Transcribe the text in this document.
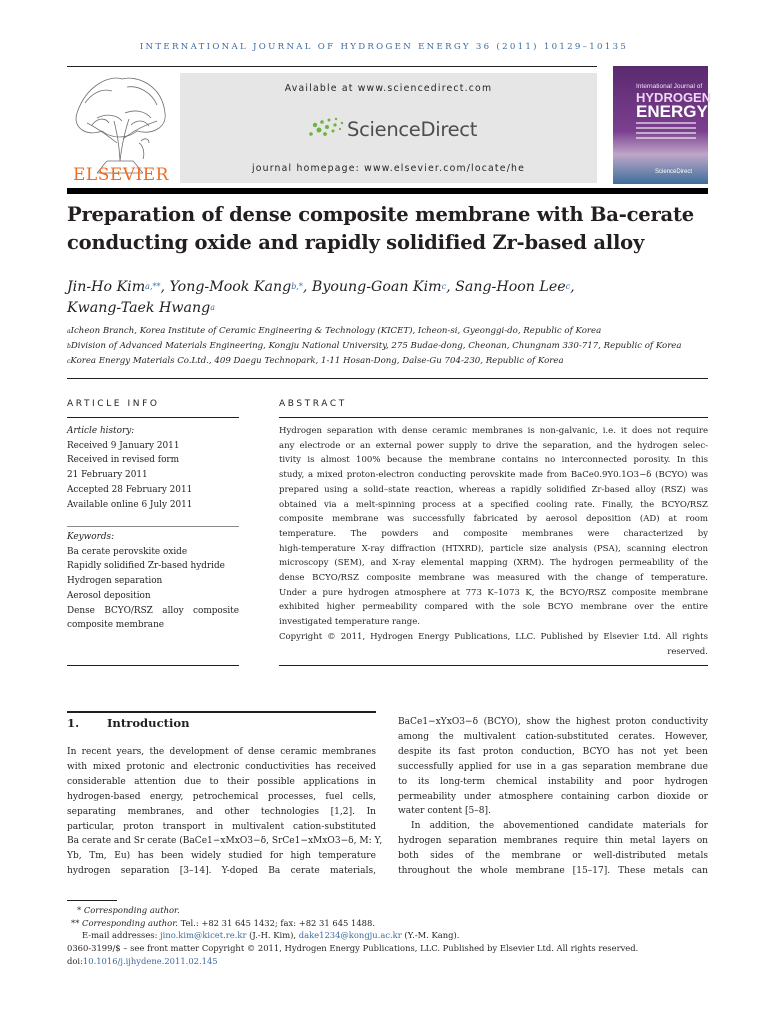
INTERNATIONAL JOURNAL OF HYDROGEN ENERGY 36 (2011) 10129–10135
ELSEVIER
Available at www.sciencedirect.com
ScienceDirect
journal homepage: www.elsevier.com/locate/he
International Journal of
HYDROGEN
ENERGY
ScienceDirect
Preparation of dense composite membrane with Ba-cerate
conducting oxide and rapidly solidified Zr-based alloy
Jin-Ho Kim$^{a,**}$, Yong-Mook Kang$^{b,*}$, Byoung-Goan Kim$^c$, Sang-Hoon Lee$^c$,
Kwang-Taek Hwang$^a$
$^a$Icheon Branch, Korea Institute of Ceramic Engineering & Technology (KICET), Icheon-si, Gyeonggi-do, Republic of Korea
$^b$Division of Advanced Materials Engineering, Kongju National University, 275 Budae-dong, Cheonan, Chungnam 330-717, Republic of Korea
$^c$Korea Energy Materials Co.Ltd., 409 Daegu Technopark, 1-11 Hosan-Dong, Dalse-Gu 704-230, Republic of Korea
ARTICLE INFO
Article history:
Received 9 January 2011
Received in revised form
21 February 2011
Accepted 28 February 2011
Available online 6 July 2011
Keywords:
Ba cerate perovskite oxide
Rapidly solidified Zr-based hydride
Hydrogen separation
Aerosol deposition
Dense BCYO/RSZ alloy composite
composite membrane
ABSTRACT
Hydrogen separation with dense ceramic membranes is non-galvanic, i.e. it does not require
any electrode or an external power supply to drive the separation, and the hydrogen selec-
tivity is almost 100% because the membrane contains no interconnected porosity. In this
study, a mixed proton-electron conducting perovskite made from BaCe0.9Y0.1O3−δ (BCYO) was
prepared using a solid–state reaction, whereas a rapidly solidified Zr-based alloy (RSZ) was
obtained via a melt-spinning process at a specified cooling rate. Finally, the BCYO/RSZ
composite membrane was successfully fabricated by aerosol deposition (AD) at room
temperature. The powders and composite membranes were characterized by
high-temperature X-ray diffraction (HTXRD), particle size analysis (PSA), scanning electron
microscopy (SEM), and X-ray elemental mapping (XRM). The hydrogen permeability of the
dense BCYO/RSZ composite membrane was measured with the change of temperature.
Under a pure hydrogen atmosphere at 773 K–1073 K, the BCYO/RSZ composite membrane
exhibited higher permeability compared with the sole BCYO membrane over the entire
investigated temperature range.
Copyright © 2011, Hydrogen Energy Publications, LLC. Published by Elsevier Ltd. All rights
reserved.
1. Introduction
In recent years, the development of dense ceramic membranes
with mixed protonic and electronic conductivities has received
considerable attention due to their possible applications in
hydrogen-based energy, petrochemical processes, fuel cells,
separating membranes, and other technologies [1,2]. In
particular, proton transport in multivalent cation-substituted
Ba cerate and Sr cerate (BaCe1−xMxO3−δ, SrCe1−xMxO3−δ, M: Y,
Yb, Tm, Eu) has been widely studied for high temperature
hydrogen separation [3–14]. Y-doped Ba cerate materials,
BaCe1−xYxO3−δ (BCYO), show the highest proton conductivity
among the multivalent cation-substituted cerates. However,
despite its fast proton conduction, BCYO has not yet been
successfully applied for use in a gas separation membrane due
to its long-term chemical instability and poor hydrogen
permeability under atmosphere containing carbon dioxide or
water content [5–8].
In addition, the abovementioned candidate materials for
hydrogen separation membranes require thin metal layers on
both sides of the membrane or well-distributed metals
throughout the whole membrane [15–17]. These metals can
* Corresponding author.
** Corresponding author. Tel.: +82 31 645 1432; fax: +82 31 645 1488.
E-mail addresses: jino.kim@kicet.re.kr (J.-H. Kim), dake1234@kongju.ac.kr (Y.-M. Kang).
0360-3199/$ – see front matter Copyright © 2011, Hydrogen Energy Publications, LLC. Published by Elsevier Ltd. All rights reserved.
doi:10.1016/j.ijhydene.2011.02.145
